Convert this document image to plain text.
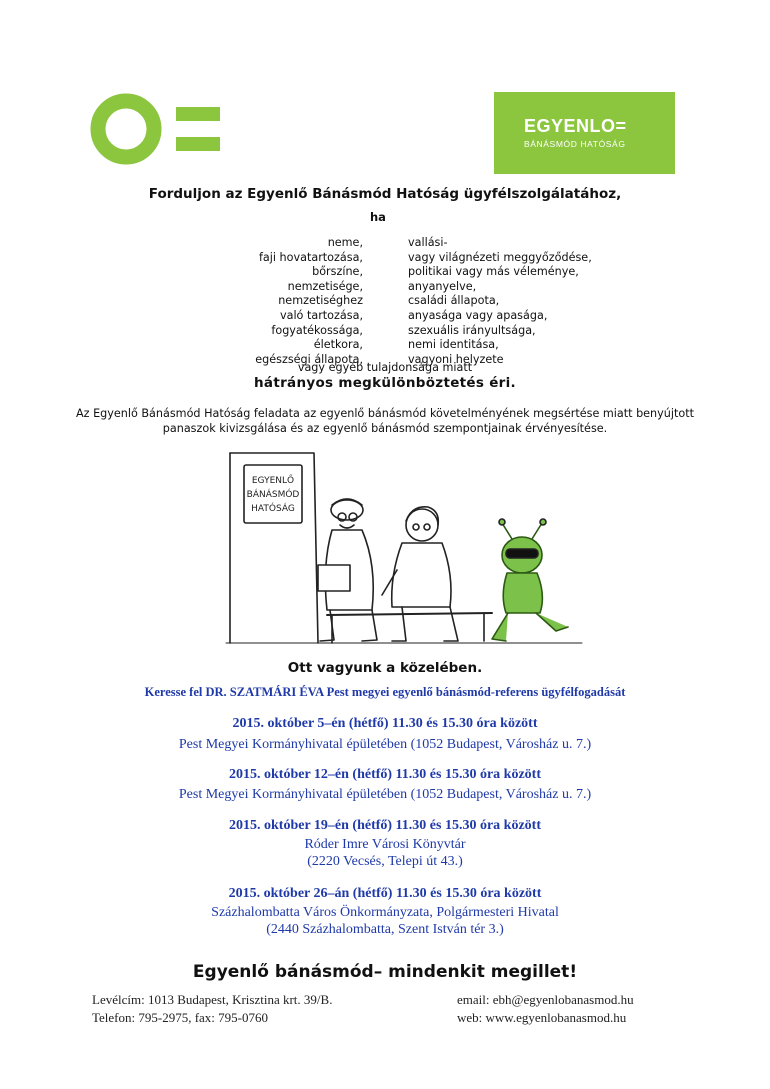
EGYENLO=
BÁNÁSMÓD HATÓSÁG
Forduljon az Egyenlő Bánásmód Hatóság ügyfélszolgálatához,
ha
neme,
faji hovatartozása,
bőrszíne,
nemzetisége,
nemzetiséghez
való tartozása,
fogyatékossága,
életkora,
egészségi állapota,
vallási-
vagy világnézeti meggyőződése,
politikai vagy más véleménye,
anyanyelve,
családi állapota,
anyasága vagy apasága,
szexuális irányultsága,
nemi identitása,
vagyoni helyzete
vagy egyéb tulajdonsága miatt
hátrányos megkülönböztetés éri.
Az Egyenlő Bánásmód Hatóság feladata az egyenlő bánásmód követelményének megsértése miatt benyújtott panaszok kivizsgálása és az egyenlő bánásmód szempontjainak érvényesítése.
EGYENLŐ
BÁNÁSMÓD
HATÓSÁG
Ott vagyunk a közelében.
Keresse fel DR. SZATMÁRI ÉVA Pest megyei egyenlő bánásmód-referens ügyfélfogadását
2015. október 5–én (hétfő) 11.30 és 15.30 óra között
Pest Megyei Kormányhivatal épületében (1052 Budapest, Városház u. 7.)
2015. október 12–én (hétfő) 11.30 és 15.30 óra között
Pest Megyei Kormányhivatal épületében (1052 Budapest, Városház u. 7.)
2015. október 19–én (hétfő) 11.30 és 15.30 óra között
Róder Imre Városi Könyvtár
(2220 Vecsés, Telepi út 43.)
2015. október 26–án (hétfő) 11.30 és 15.30 óra között
Százhalombatta Város Önkormányzata, Polgármesteri Hivatal
(2440 Százhalombatta, Szent István tér 3.)
Egyenlő bánásmód– mindenkit megillet!
Levélcím: 1013 Budapest, Krisztina krt. 39/B.
Telefon: 795-2975, fax: 795-0760
email: ebh@egyenlobanasmod.hu
web: www.egyenlobanasmod.hu
